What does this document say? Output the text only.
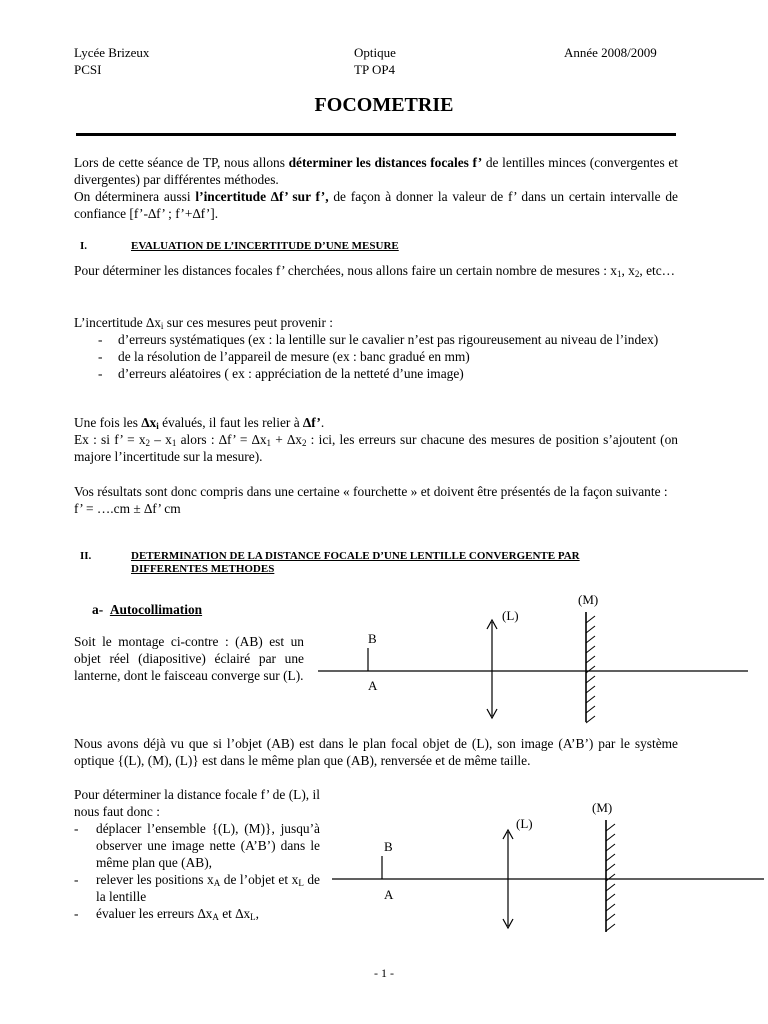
Lycée Brizeux
PCSI
Optique
TP OP4
Année 2008/2009
FOCOMETRIE
Lors de cette séance de TP, nous allons déterminer les distances focales f’ de lentilles minces (convergentes et divergentes) par différentes méthodes.
On déterminera aussi l’incertitude ∆f’ sur f’, de façon à donner la valeur de f’ dans un certain intervalle de confiance [f’-∆f’ ; f’+∆f’].
I.	EVALUATION DE L’INCERTITUDE D’UNE MESURE
Pour déterminer les distances focales f’ cherchées, nous allons faire un certain nombre de mesures : $x_1$, $x_2$, etc…
L’incertitude $\Delta x_i$ sur ces mesures peut provenir :
- d’erreurs systématiques (ex : la lentille sur le cavalier n’est pas rigoureusement au niveau de l’index)
- de la résolution de l’appareil de mesure (ex : banc gradué en mm)
- d’erreurs aléatoires ( ex : appréciation de la netteté d’une image)
Une fois les $\Delta x_i$ évalués, il faut les relier à ∆f’.
Ex : si f’ = $x_2 - x_1$ alors : ∆f’ = $\Delta x_1 + \Delta x_2$ : ici, les erreurs sur chacune des mesures de position s’ajoutent (on majore l’incertitude sur la mesure).
Vos résultats sont donc compris dans une certaine « fourchette » et doivent être présentés de la façon suivante :
f’ = ….cm ± ∆f’ cm
II.	DETERMINATION DE LA DISTANCE FOCALE D’UNE LENTILLE CONVERGENTE PAR
DIFFERENTES METHODES
a- Autocollimation
Soit le montage ci-contre : (AB) est un objet réel (diapositive) éclairé par une lanterne, dont le faisceau converge sur (L).
B
A
(L)
(M)
Nous avons déjà vu que si l’objet (AB) est dans le plan focal objet de (L), son image (A’B’) par le système optique {(L), (M), (L)} est dans le même plan que (AB), renversée et de même taille.
Pour déterminer la distance focale f’ de (L), il nous faut donc :
- déplacer l’ensemble {(L), (M)}, jusqu’à observer une image nette (A’B’) dans le même plan que (AB),
- relever les positions $x_A$ de l’objet et $x_L$ de la lentille
- évaluer les erreurs $\Delta x_A$ et $\Delta x_L$,
B
A
(L)
(M)
- 1 -
